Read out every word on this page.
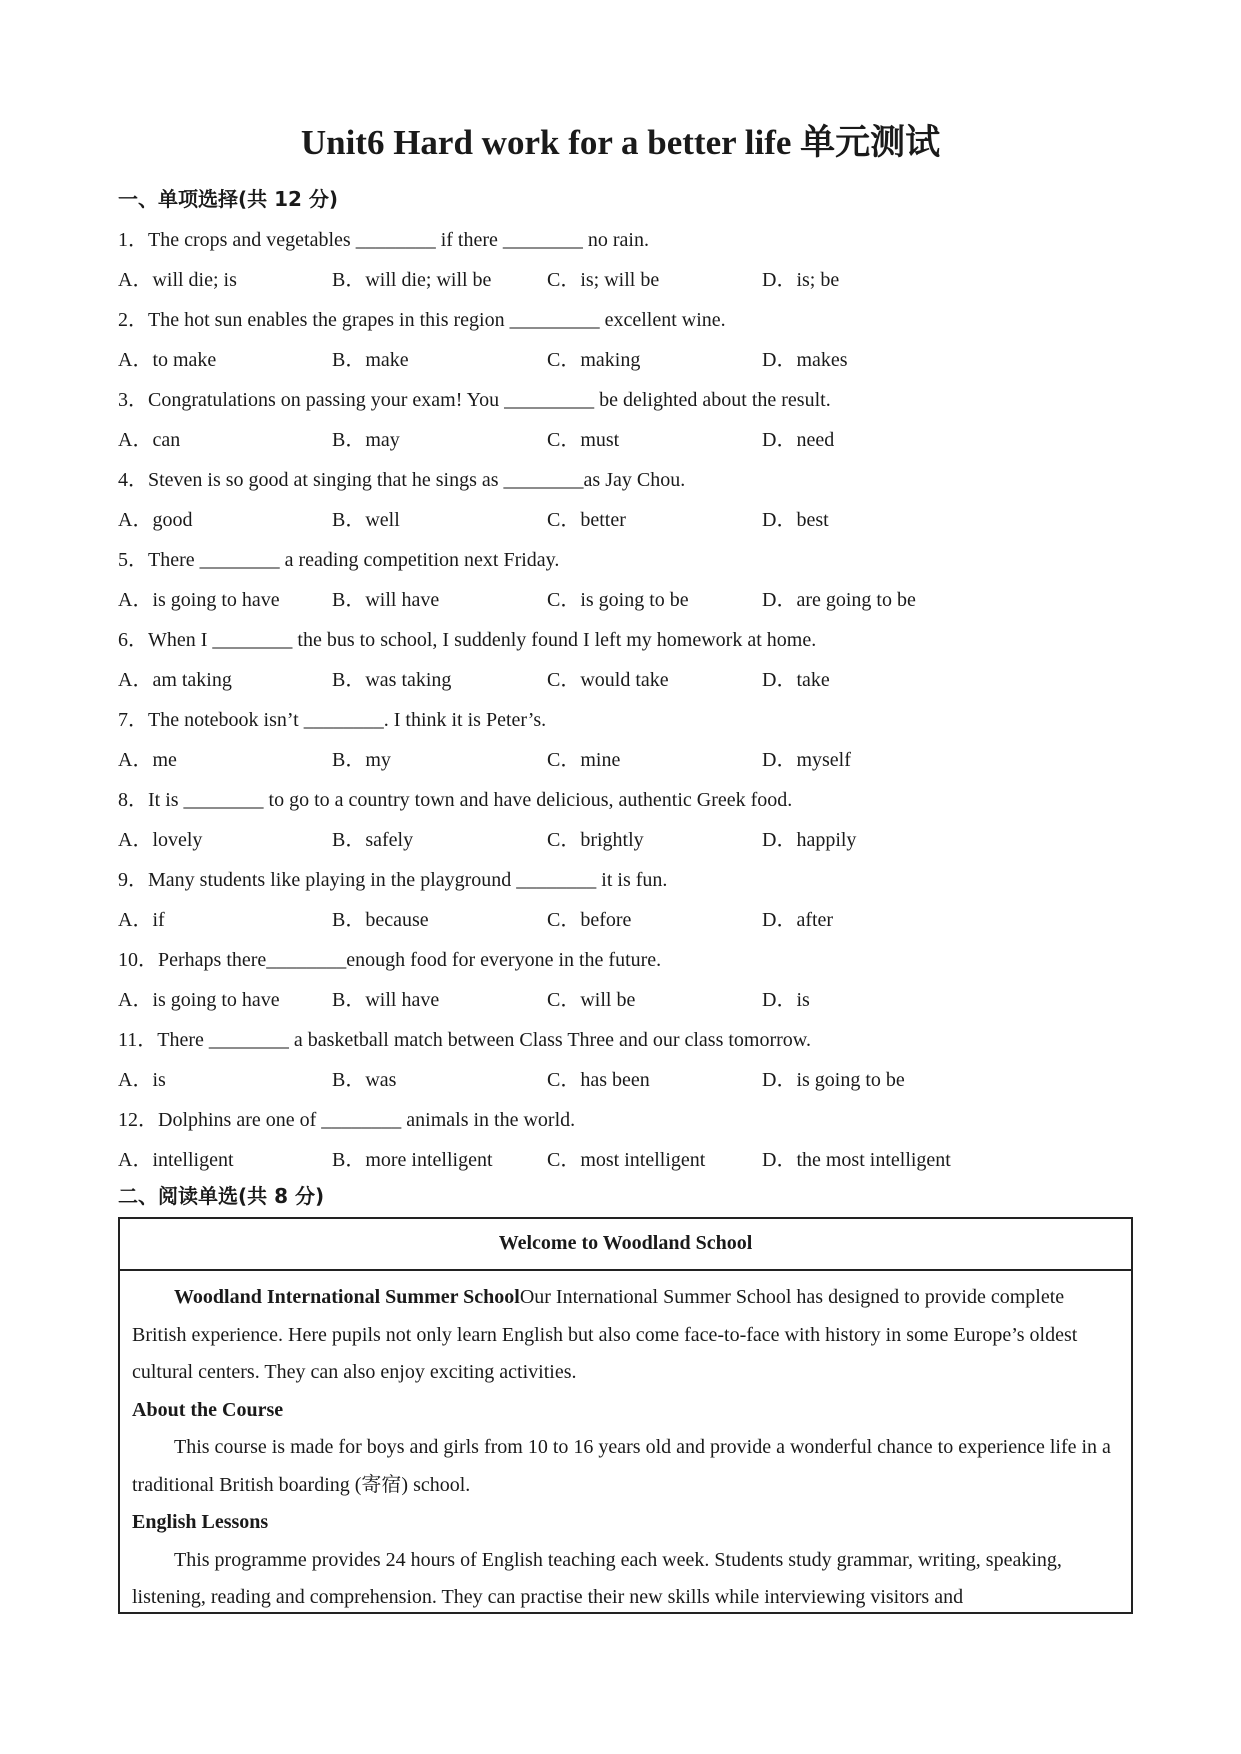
Unit6 Hard work for a better life 单元测试
一、单项选择(共 12 分)
1．The crops and vegetables ________ if there ________ no rain.
A．will die; is	B．will die; will be	C．is; will be	D．is; be
2．The hot sun enables the grapes in this region _________ excellent wine.
A．to make	B．make	C．making	D．makes
3．Congratulations on passing your exam! You _________ be delighted about the result.
A．can	B．may	C．must	D．need
4．Steven is so good at singing that he sings as ________as Jay Chou.
A．good	B．well	C．better	D．best
5．There ________ a reading competition next Friday.
A．is going to have	B．will have	C．is going to be	D．are going to be
6．When I ________ the bus to school, I suddenly found I left my homework at home.
A．am taking	B．was taking	C．would take	D．take
7．The notebook isn’t ________. I think it is Peter’s.
A．me	B．my	C．mine	D．myself
8．It is ________ to go to a country town and have delicious, authentic Greek food.
A．lovely	B．safely	C．brightly	D．happily
9．Many students like playing in the playground ________ it is fun.
A．if	B．because	C．before	D．after
10．Perhaps there________enough food for everyone in the future.
A．is going to have	B．will have	C．will be	D．is
11．There ________ a basketball match between Class Three and our class tomorrow.
A．is	B．was	C．has been	D．is going to be
12．Dolphins are one of ________ animals in the world.
A．intelligent	B．more intelligent	C．most intelligent	D．the most intelligent
二、阅读单选(共 8 分)
Welcome to Woodland School

Woodland International Summer SchoolOur International Summer School has designed to provide complete British experience. Here pupils not only learn English but also come face-to-face with history in some Europe’s oldest cultural centers. They can also enjoy exciting activities.

About the Course

This course is made for boys and girls from 10 to 16 years old and provide a wonderful chance to experience life in a traditional British boarding (寄宿) school.

English Lessons

This programme provides 24 hours of English teaching each week. Students study grammar, writing, speaking, listening, reading and comprehension. They can practise their new skills while interviewing visitors and
